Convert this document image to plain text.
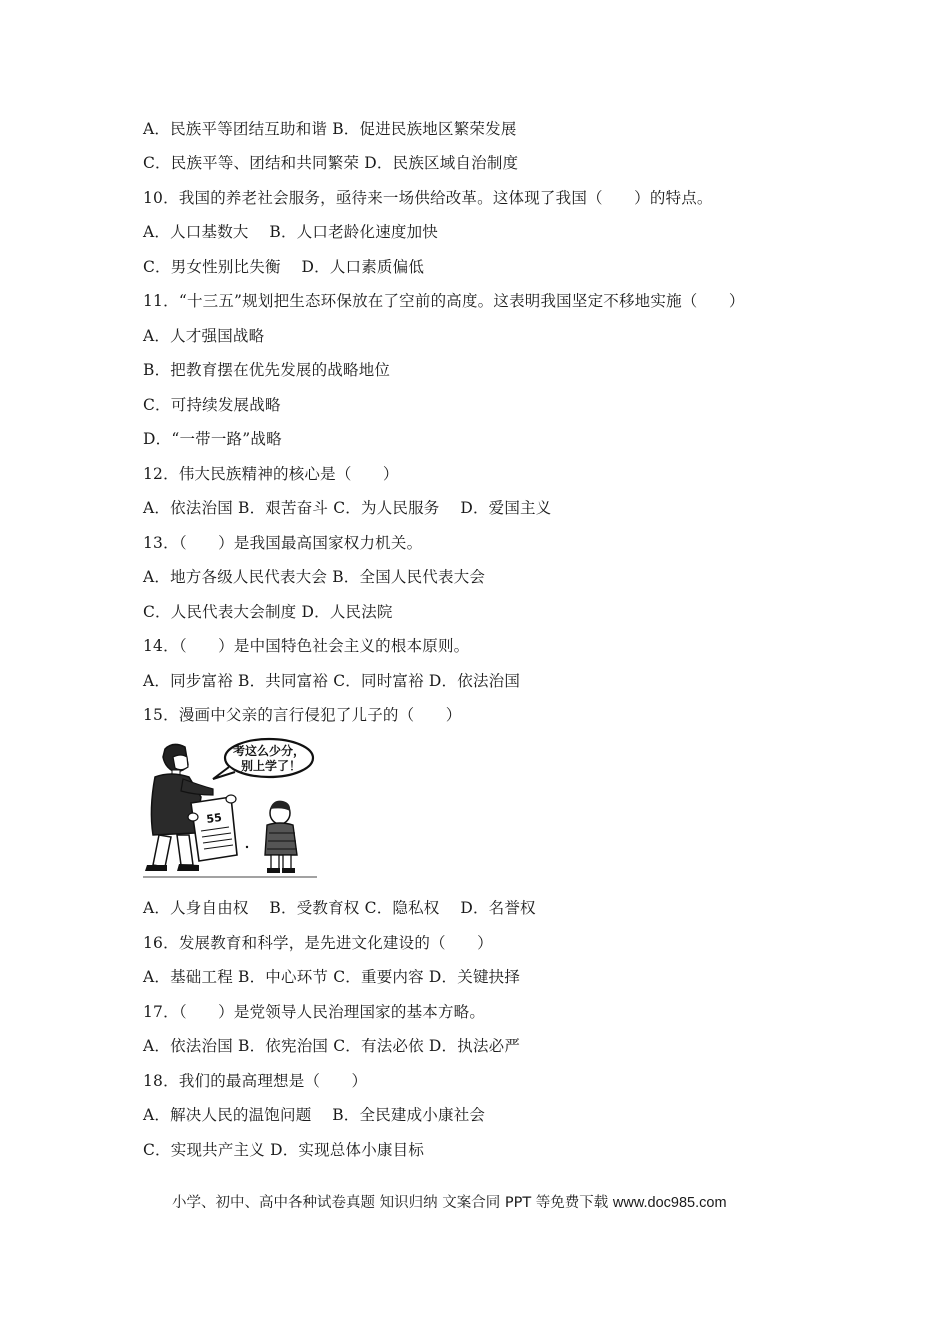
A．民族平等团结互助和谐 B．促进民族地区繁荣发展
C．民族平等、团结和共同繁荣 D．民族区域自治制度
10．我国的养老社会服务，亟待来一场供给改革。这体现了我国（　　）的特点。
A．人口基数大　 B．人口老龄化速度加快
C．男女性别比失衡　 D．人口素质偏低
11．“十三五”规划把生态环保放在了空前的高度。这表明我国坚定不移地实施（　　）
A．人才强国战略
B．把教育摆在优先发展的战略地位
C．可持续发展战略
D．“一带一路”战略
12．伟大民族精神的核心是（　　）
A．依法治国 B．艰苦奋斗 C．为人民服务　 D．爱国主义
13．（　　）是我国最高国家权力机关。
A．地方各级人民代表大会 B．全国人民代表大会
C．人民代表大会制度 D．人民法院
14．（　　）是中国特色社会主义的根本原则。
A．同步富裕 B．共同富裕 C．同时富裕 D．依法治国
15．漫画中父亲的言行侵犯了儿子的（　　）
考这么少分，
别上学了！
55
A．人身自由权　 B．受教育权 C．隐私权　 D．名誉权
16．发展教育和科学，是先进文化建设的（　　）
A．基础工程 B．中心环节 C．重要内容 D．关键抉择
17．（　　）是党领导人民治理国家的基本方略。
A．依法治国 B．依宪治国 C．有法必依 D．执法必严
18．我们的最高理想是（　　）
A．解决人民的温饱问题　 B．全民建成小康社会
C．实现共产主义 D．实现总体小康目标
小学、初中、高中各种试卷真题 知识归纳 文案合同 PPT 等免费下载 www.doc985.com
